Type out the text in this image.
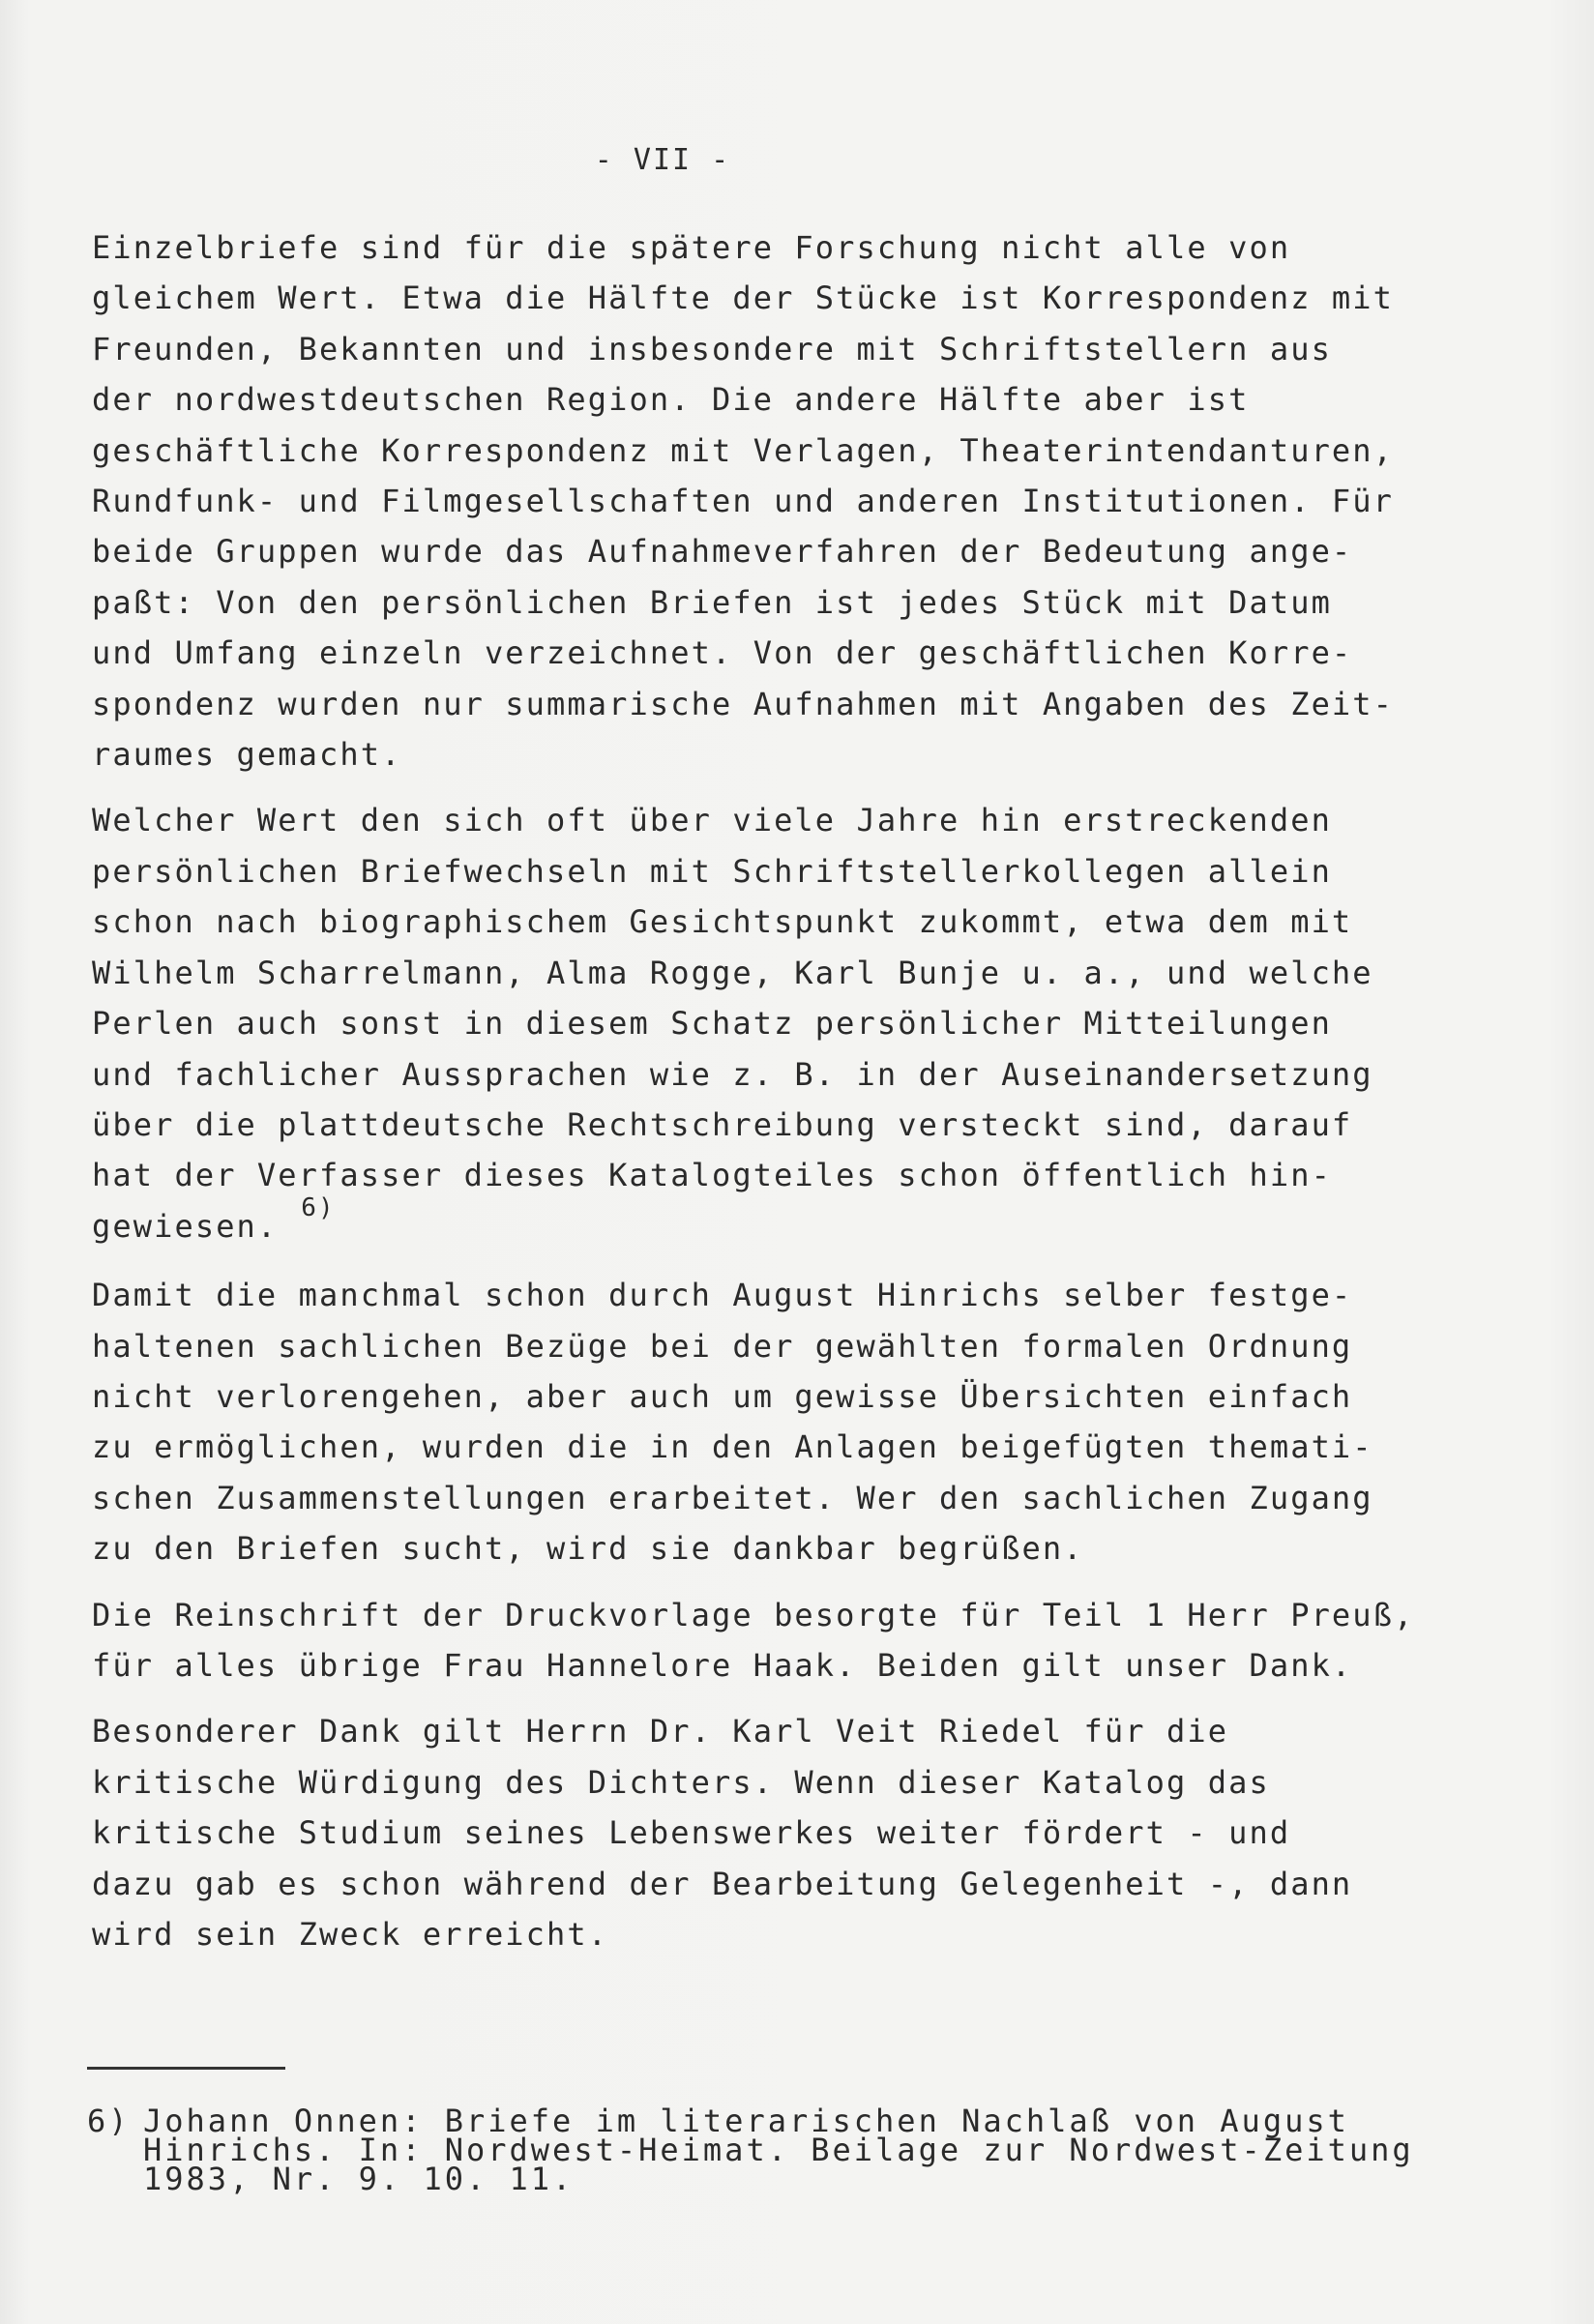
- VII -
Einzelbriefe sind für die spätere Forschung nicht alle von
gleichem Wert. Etwa die Hälfte der Stücke ist Korrespondenz mit
Freunden, Bekannten und insbesondere mit Schriftstellern aus
der nordwestdeutschen Region. Die andere Hälfte aber ist
geschäftliche Korrespondenz mit Verlagen, Theaterintendanturen,
Rundfunk- und Filmgesellschaften und anderen Institutionen. Für
beide Gruppen wurde das Aufnahmeverfahren der Bedeutung ange-
paßt: Von den persönlichen Briefen ist jedes Stück mit Datum
und Umfang einzeln verzeichnet. Von der geschäftlichen Korre-
spondenz wurden nur summarische Aufnahmen mit Angaben des Zeit-
raumes gemacht.
Welcher Wert den sich oft über viele Jahre hin erstreckenden
persönlichen Briefwechseln mit Schriftstellerkollegen allein
schon nach biographischem Gesichtspunkt zukommt, etwa dem mit
Wilhelm Scharrelmann, Alma Rogge, Karl Bunje u. a., und welche
Perlen auch sonst in diesem Schatz persönlicher Mitteilungen
und fachlicher Aussprachen wie z. B. in der Auseinandersetzung
über die plattdeutsche Rechtschreibung versteckt sind, darauf
hat der Verfasser dieses Katalogteiles schon öffentlich hin-
gewiesen. $^{6)}$
Damit die manchmal schon durch August Hinrichs selber festge-
haltenen sachlichen Bezüge bei der gewählten formalen Ordnung
nicht verlorengehen, aber auch um gewisse Übersichten einfach
zu ermöglichen, wurden die in den Anlagen beigefügten themati-
schen Zusammenstellungen erarbeitet. Wer den sachlichen Zugang
zu den Briefen sucht, wird sie dankbar begrüßen.
Die Reinschrift der Druckvorlage besorgte für Teil 1 Herr Preuß,
für alles übrige Frau Hannelore Haak. Beiden gilt unser Dank.
Besonderer Dank gilt Herrn Dr. Karl Veit Riedel für die
kritische Würdigung des Dichters. Wenn dieser Katalog das
kritische Studium seines Lebenswerkes weiter fördert - und
dazu gab es schon während der Bearbeitung Gelegenheit -, dann
wird sein Zweck erreicht.
6) Johann Onnen: Briefe im literarischen Nachlaß von August
Hinrichs. In: Nordwest-Heimat. Beilage zur Nordwest-Zeitung
1983, Nr. 9. 10. 11.
